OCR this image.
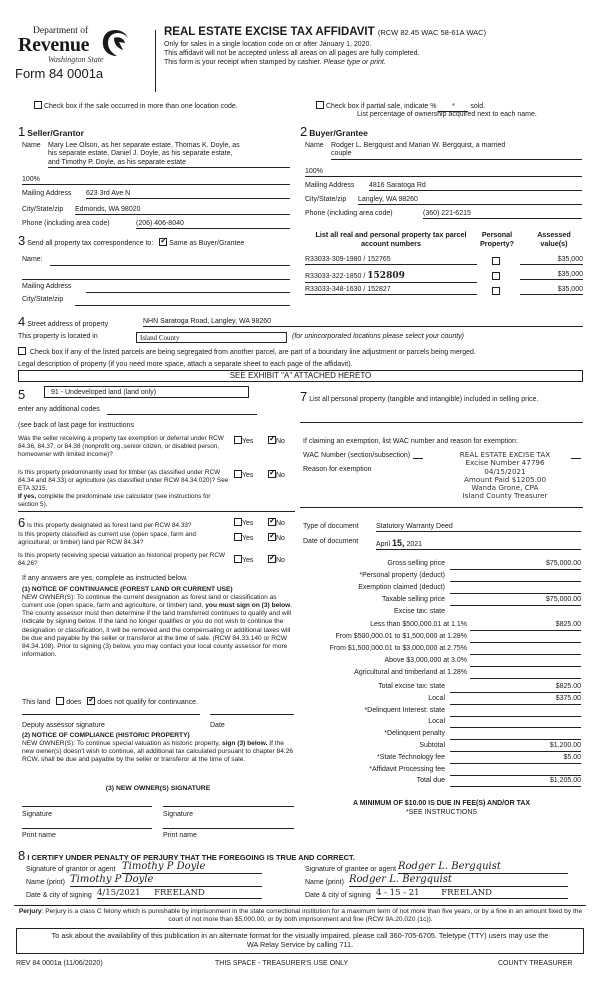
Department of
Revenue
Washington State
Form 84 0001a
REAL ESTATE EXCISE TAX AFFIDAVIT (RCW 82.45 WAC 58-61A WAC)
Only for sales in a single location code on or after January 1, 2020.
This affidavit will not be accepted unless all areas on all pages are fully completed.
This form is your receipt when stamped by cashier. Please type or print.
Check box if the sale occurred in more than one location code.	Check box if partial sale, indicate % * sold.
List percentage of ownership acquired next to each name.
1 Seller/Grantor
Name Mary Lee Olson, as her separate estate, Thomas K. Doyle, as
his separate estate, Daniel J. Doyle, as his separate estate,
and Timothy P. Doyle, as his separate estate
100%
Mailing Address 623 3rd Ave N
City/State/zip Edmonds, WA 98020
Phone (including area code)	(206) 406-8040
3 Send all property tax correspondence to: ✓ Same as Buyer/Grantee
Name:
Mailing Address
City/State/zip
2 Buyer/Grantee
Name Rodger L. Bergquist and Marian W. Bergquist, a married
couple
100%
Mailing Address 4816 Saratoga Rd
City/State/zip Langley, WA 98260
Phone (including area code)	(360) 221-6215
List all real and personal property tax parcel account numbers
Personal Property?
Assessed value(s)
R33033-309-1980 / 152765	$35,000
R33033-322-1850 / 152809	$35,000
R33033-348-1630 / 152827	$35,000
4 Street address of property	NHN Saratoga Road, Langley, WA 98260
This property is located in	Island County	(for unincorporated locations please select your county)
Check box if any of the listed parcels are being segregated from another parcel, are part of a boundary line adjustment or parcels being merged.
Legal description of property (if you need more space, attach a separate sheet to each page of the affidavit).
SEE EXHIBIT "A" ATTACHED HERETO
5	91 - Undeveloped land (land only)
enter any additional codes
(see back of last page for instructions
Was the seller receiving a property tax exemption or deferral under RCW 84.36, 84.37, or 84.38 (nonprofit org.,senior citizen, or disabled person, homeowner with limited income)?
Yes ✓	No
Is this property predominantly used for timber (as classified under RCW 84.34 and 84.33) or agriculture (as classified under RCW 84.34.020)? See ETA 3215.
If yes, complete the predominate use calculator (see instructions for section 5).
Yes ✓	No
6 Is this property designated as forest land per RCW 84.33?	Yes ✓	No
Is this property classified as current use (open space, farm and agricultural, or timber) land per RCW 84.34?
Yes ✓	No
Is this property receiving special valuation as historical property per RCW 84.26?	Yes ✓	No
If any answers are yes, complete as instructed below.
(1) NOTICE OF CONTINUANCE (FOREST LAND OR CURRENT USE)
NEW OWNER(S): To continue the current designation as forest land or classification as current use (open space, farm and agriculture, or timber) land, you must sign on (3) below. The county assessor must then determine if the land transferred continues to qualify and will indicate by signing below. If the land no longer qualifies or you do not wish to continue the designation or classification, it will be removed and the compensating or additional taxes will be due and payable by the seller or transferor at the time of sale. (RCW 84.33.140 or RCW 84.34.108). Prior to signing (3) below, you may contact your local county assessor for more information.
This land does ✓ does not qualify for continuance.
Deputy assessor signature	Date
(2) NOTICE OF COMPLIANCE (HISTORIC PROPERTY)
NEW OWNER(S): To continue special valuation as historic property, sign (3) below. If the new owner(s) doesn't wish to continue, all additional tax calculated pursuant to chapter 84.26 RCW, shall be due and payable by the seller or transferor at the time of sale.
(3) NEW OWNER(S) SIGNATURE
Signature	Signature
Print name	Print name
7 List all personal property (tangible and intangible) included in selling price.
If claiming an exemption, list WAC number and reason for exemption:
WAC Number (section/subsection)
Reason for exemption
REAL ESTATE EXCISE TAX
Excise Number 47796
04/15/2021
Amount Paid $1205.00
Wanda Grone, CPA
Island County Treasurer
Type of document Statutory Warranty Deed
Date of document	April 15, 2021
Gross selling price	$75,000.00
*Personal property (deduct)
Exemption claimed (deduct)
Taxable selling price	$75,000.00
Excise tax: state
Less than $500,000.01 at 1.1%	$825.00
From $500,000.01 to $1,500,000 at 1.28%
From $1,500,000.01 to $3,000,000 at 2.75%
Above $3,000,000 at 3.0%
Agricultural and timberland at 1.28%
Total excise tax: state	$825.00
Local	$375.00
*Delinquent Interest: state
Local
*Delinquent penalty
Subtotal	$1,200.00
*State Technology fee	$5.00
*Affidavit Processing fee
Total due	$1,205.00
A MINIMUM OF $10.00 IS DUE IN FEE(S) AND/OR TAX
*SEE INSTRUCTIONS
8 I CERTIFY UNDER PENALTY OF PERJURY THAT THE FOREGOING IS TRUE AND CORRECT.
Signature of grantor or agent Timothy P Doyle
Name (print) Timothy P Doyle
Date & city of signing 4/15/2021 FREELAND
Signature of grantee or agent Rodger L. Bergquist
Name (print) Rodger L. Bergquist
Date & city of signing 4 - 15 - 21	FREELAND
Perjury: Perjury is a class C felony which is punishable by imprisonment in the state correctional institution for a maximum term of not more than five years, or by a fine in an amount fixed by the court of not more than $5,000.00, or by both imprisonment and fine (RCW 9A.20.020 (1c)).
To ask about the availability of this publication in an alternate format for the visually impaired, please call 360-705-6705. Teletype (TTY) users may use the WA Relay Service by calling 711.
REV 84 0001a (11/06/2020)	THIS SPACE - TREASURER'S USE ONLY	COUNTY TREASURER
